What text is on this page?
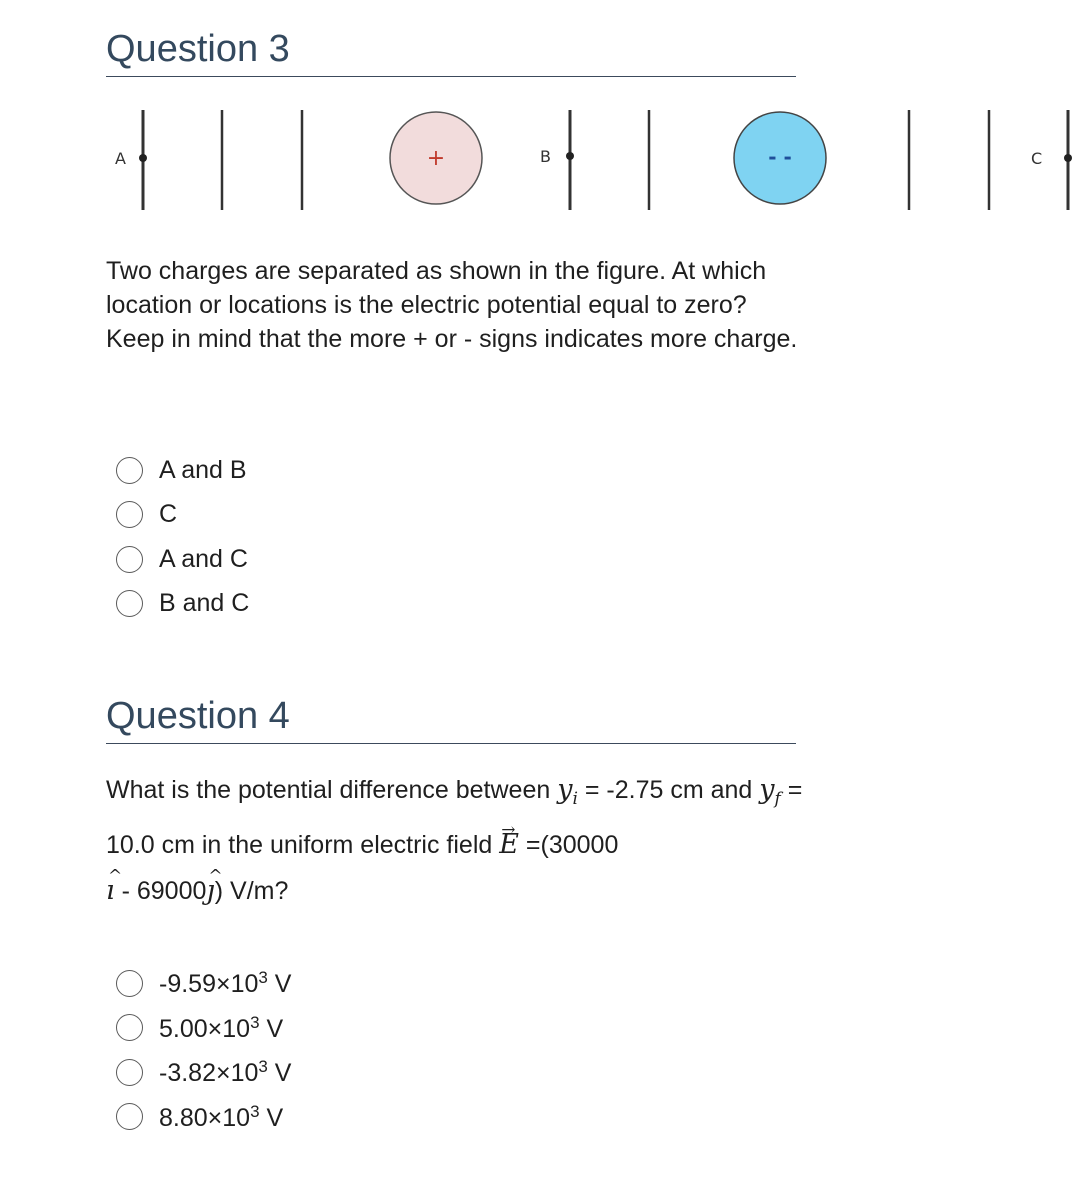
Question 3
A	+	B	- -	C

Two charges are separated as shown in the figure. At which location or locations is the electric potential equal to zero? Keep in mind that the more + or - signs indicates more charge.

A and B
C
A and C
B and C
Question 4

What is the potential difference between $y_i = -2.75$ cm and $y_f = 10.0$ cm in the uniform electric field → E =(30000
^ ı - 69000^ ȷ) V/m?

$-9.59\times 10^3$ V
$5.00\times 10^3$ V
$-3.82\times 10^3$ V
$8.80\times 10^3$ V
